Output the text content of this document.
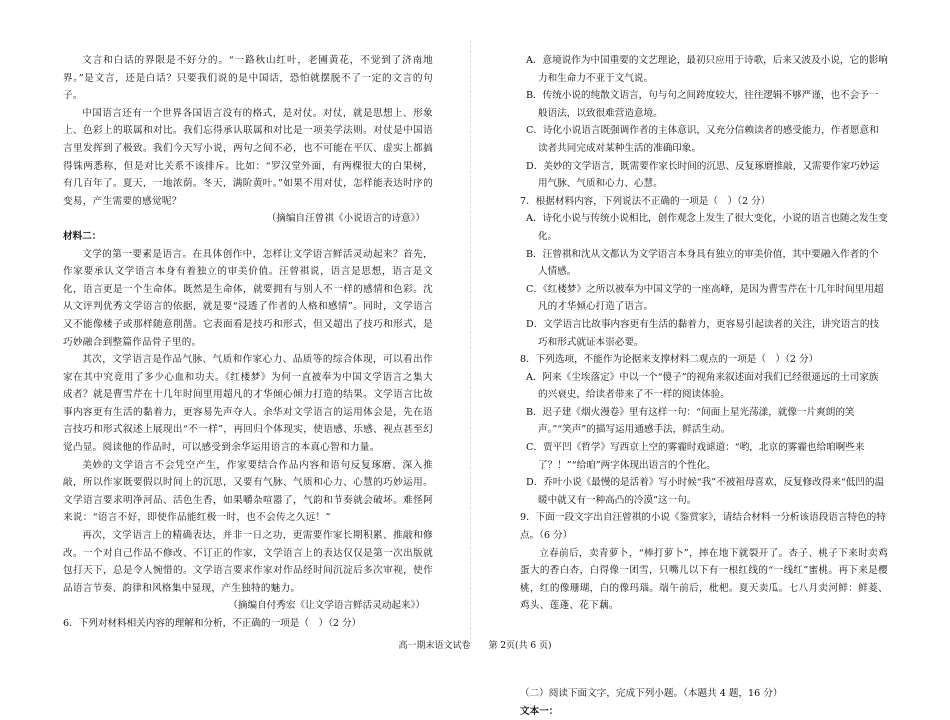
文言和白话的界限是不好分的。“一路秋山红叶，老圃黄花，不觉到了济南地界。”是文言，还是白话？只要我们说的是中国话，恐怕就摆脱不了一定的文言的句子。

中国语言还有一个世界各国语言没有的格式，是对仗。对仗，就是思想上、形象上、色彩上的联属和对比。我们忘得承认联属和对比是一项美学法则。对仗是中国语言里发挥到了极致。我们今天写小说，两句之间不必，也不可能在平仄、虚实上都搞得铢两悉称，但是对比关系不该排斥。比如：“罗汉堂外面，有两棵很大的白果树，有几百年了。夏天，一地浓荫。冬天，满阶黄叶。”如果不用对仗，怎样能表达时序的变易，产生需要的感觉呢？

（摘编自汪曾祺《小说语言的诗意》）

材料二：

文学的第一要素是语言。在具体创作中，怎样让文学语言鲜活灵动起来？首先，作家要承认文学语言本身有着独立的审美价值。汪曾祺说，语言是思想，语言是文化，语言更是一个生命体。既然是生命体，就要拥有与别人不一样的感情和色彩。沈从文评判优秀文学语言的依据，就是要“浸透了作者的人格和感情”。同时，文学语言又不能像楼子或那样随意削凿。它表面看是技巧和形式，但又超出了技巧和形式，是巧妙融合到整篇作品骨子里的。

其次，文学语言是作品气脉、气质和作家心力、品质等的综合体现，可以看出作家在其中究竟用了多少心血和功夫。《红楼梦》为何一直被奉为中国文学语言之集大成者？就是曹雪芹在十几年时间里用超凡的才华倾心倾力打造的结果。文学语言比故事内容更有生活的黏着力，更容易先声夺人。余华对文学语言的运用体会是，先在语言技巧和形式叙述上展现出“不一样”，再回归个体现实，使语感、乐感、视点甚至幻觉凸显。阅读他的作品时，可以感受到余华运用语言的本真心智和力量。

美妙的文学语言不会凭空产生，作家要结合作品内容和语句反复琢磨、深入推敲，所以作家既要假以时间上的沉思，又要有气脉、气质和心力、心慧的巧妙运用。文学语言要求明净河品、活色生香，如果嚼杂喧嚣了，气韵和节奏就会破坏。难怪阿来说：“语言不好，即使作品能红极一时，也不会传之久远！”

再次，文学语言上的精确表达，并非一日之功，更需要作家长期积累、推敲和修改。一个对自己作品不修改、不订正的作家，文学语言上的表达仅仅是第一次出版就包打天下，总是令人惋惜的。文学语言要求作家对作品经时间沉淀后多次审视，使作品语言节奏、韵律和风格集中显现，产生独特的魅力。

（摘编自付秀宏《让文学语言鲜活灵动起来》）

6．下列对材料相关内容的理解和分析，不正确的一项是（　）（2 分）

A．意境说作为中国重要的文艺理论，最初只应用于诗歌，后来又波及小说，它的影响力和生命力不亚于文气说。

B．传统小说的纯散文语言，句与句之间跨度较大，往往逻辑不够严谨，也不会予一般语法，以致很难营造意境。

C．诗化小说语言既强调作者的主体意识，又充分信赖读者的感受能力，作者愿意和读者共同完成对某种生活的准确印象。

D．美妙的文学语言，既需要作家长时间的沉思、反复琢磨推敲，又需要作家巧妙运用气脉、气质和心力、心慧。

7．根据材料内容，下列说法不正确的一项是（　）（2 分）

A．诗化小说与传统小说相比，创作观念上发生了很大变化，小说的语言也随之发生变化。

B．汪曾祺和沈从文都认为文学语言本身具有独立的审美价值，其中要融入作者的个人情感。

C．《红楼梦》之所以被奉为中国文学的一座高峰，是因为曹雪芹在十几年时间里用超凡的才华倾心打造了语言。

D．文学语言比故事内容更有生活的黏着力，更容易引起读者的关注，讲究语言的技巧和形式就证本崇必要。

8．下列选项，不能作为论据来支撑材料二观点的一项是（　）（2 分）

A．阿来《尘埃落定》中以一个“傻子”的视角来叙述面对我们已经很遥远的土司家族的兴衰史，给读者带来了不一样的阅读体验。

B．迟子建《烟火漫卷》里有这样一句：“间面上星光荡漾，就像一片爽朗的笑声。”“笑声”的描写运用通感手法，鲜活生动。

C．贾平凹《哲学》写西京上空的雾霾时戏谑道：“哟，北京的雾霾也给咱啊些来了？！”“给咱”两字体现出语言的个性化。

D．乔叶小说《最慢的是活着》写小时候“我”不被祖母喜欢，反复修改得来“低凹的温暖中就又有一种高凸的冷漠”这一句。

9．下面一段文字出自汪曾祺的小说《鉴赏家》，请结合材料一分析该语段语言特色的特点。（6 分）

立春前后，卖青萝卜，“棒打萝卜”，摔在地下就裂开了。杏子、桃子下来时卖鸡蛋大的香白杏，白得像一团雪，只嘴儿以下有一根红线的“一线红”蜜桃。再下来是樱桃，红的像珊瑚，白的像玛瑙。端午前后，枇杷。夏天卖瓜。七八月卖河鲜：鲜菱、鸡头、莲蓬、花下藕。

（二）阅读下面文字，完成下列小题。（本题共 4 题，16 分）

文本一：

高一期末语文试卷　　第 2页(共 6 页)
